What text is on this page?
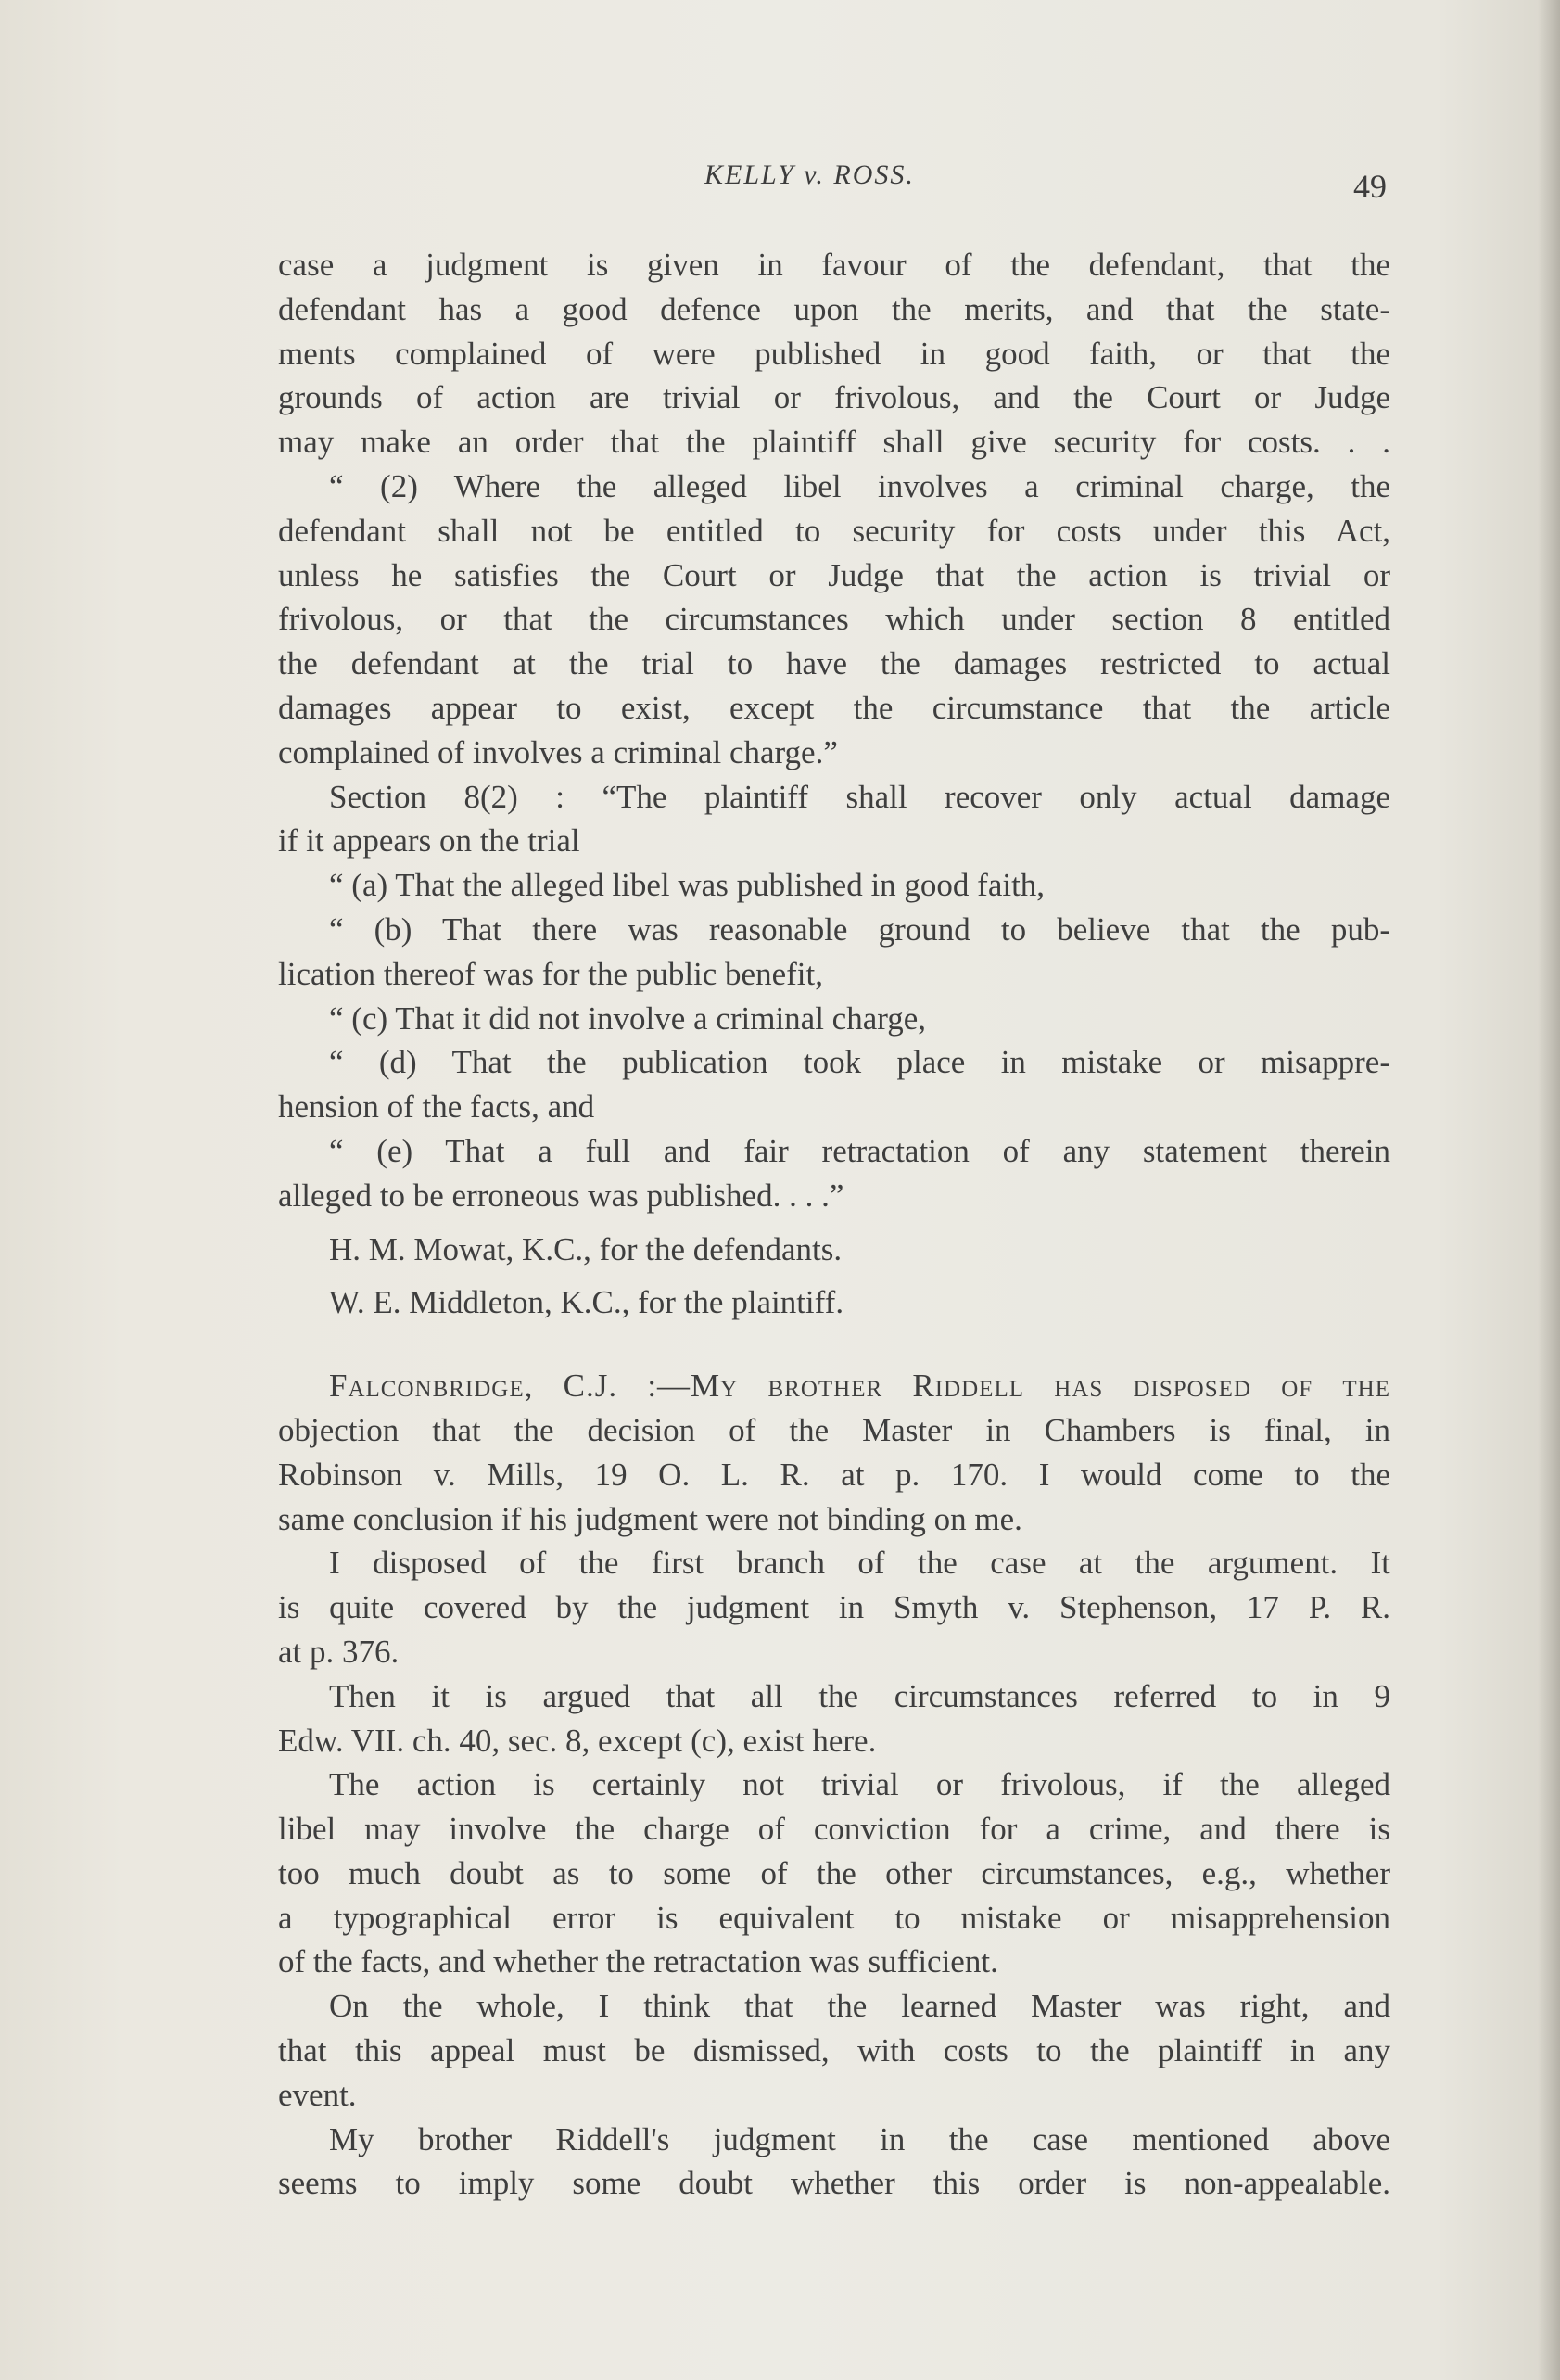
KELLY v. ROSS.	49
case a judgment is given in favour of the defendant, that the
defendant has a good defence upon the merits, and that the state-
ments complained of were published in good faith, or that the
grounds of action are trivial or frivolous, and the Court or Judge
may make an order that the plaintiff shall give security for costs. . .
“ (2) Where the alleged libel involves a criminal charge, the
defendant shall not be entitled to security for costs under this Act,
unless he satisfies the Court or Judge that the action is trivial or
frivolous, or that the circumstances which under section 8 entitled
the defendant at the trial to have the damages restricted to actual
damages appear to exist, except the circumstance that the article
complained of involves a criminal charge.”
Section 8(2) : “The plaintiff shall recover only actual damage
if it appears on the trial
“ (a) That the alleged libel was published in good faith,
“ (b) That there was reasonable ground to believe that the pub-
lication thereof was for the public benefit,
“ (c) That it did not involve a criminal charge,
“ (d) That the publication took place in mistake or misappre-
hension of the facts, and
“ (e) That a full and fair retractation of any statement therein
alleged to be erroneous was published. . . .”
H. M. Mowat, K.C., for the defendants.
W. E. Middleton, K.C., for the plaintiff.
Falconbridge, C.J. :—My brother Riddell has disposed of the
objection that the decision of the Master in Chambers is final, in
Robinson v. Mills, 19 O. L. R. at p. 170. I would come to the
same conclusion if his judgment were not binding on me.
I disposed of the first branch of the case at the argument. It
is quite covered by the judgment in Smyth v. Stephenson, 17 P. R.
at p. 376.
Then it is argued that all the circumstances referred to in 9
Edw. VII. ch. 40, sec. 8, except (c), exist here.
The action is certainly not trivial or frivolous, if the alleged
libel may involve the charge of conviction for a crime, and there is
too much doubt as to some of the other circumstances, e.g., whether
a typographical error is equivalent to mistake or misapprehension
of the facts, and whether the retractation was sufficient.
On the whole, I think that the learned Master was right, and
that this appeal must be dismissed, with costs to the plaintiff in any
event.
My brother Riddell's judgment in the case mentioned above
seems to imply some doubt whether this order is non-appealable.
